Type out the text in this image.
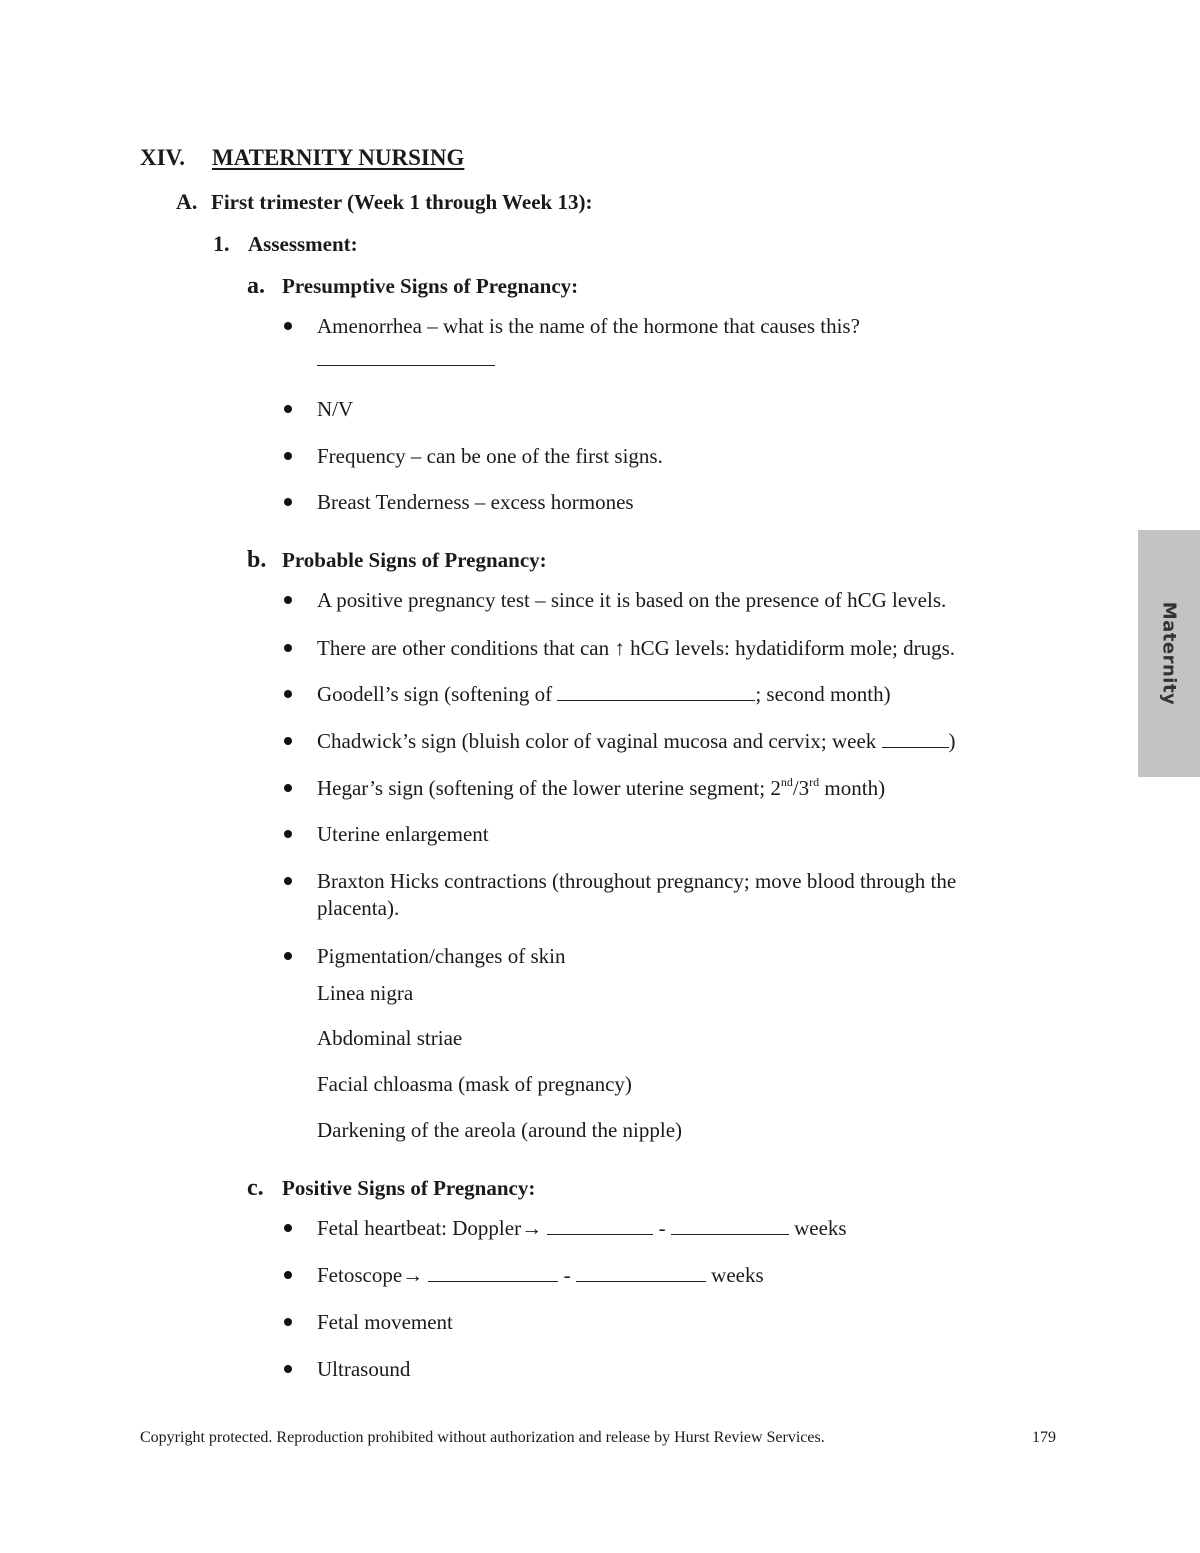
XIV. MATERNITY NURSING
A. First trimester (Week 1 through Week 13):
1. Assessment:
a. Presumptive Signs of Pregnancy:
Amenorrhea – what is the name of the hormone that causes this?
N/V
Frequency – can be one of the first signs.
Breast Tenderness – excess hormones
b. Probable Signs of Pregnancy:
A positive pregnancy test – since it is based on the presence of hCG levels.
There are other conditions that can ↑ hCG levels: hydatidiform mole; drugs.
Goodell’s sign (softening of	; second month)
Chadwick’s sign (bluish color of vaginal mucosa and cervix; week	)
Hegar’s sign (softening of the lower uterine segment; 2nd/3rd month)
Uterine enlargement
Braxton Hicks contractions (throughout pregnancy; move blood through the
placenta).
Pigmentation/changes of skin
Linea nigra
Abdominal striae
Facial chloasma (mask of pregnancy)
Darkening of the areola (around the nipple)
c. Positive Signs of Pregnancy:
Fetal heartbeat: Doppler→	-	weeks
Fetoscope→	-	weeks
Fetal movement
Ultrasound
Maternity
Copyright protected. Reproduction prohibited without authorization and release by Hurst Review Services.	179
